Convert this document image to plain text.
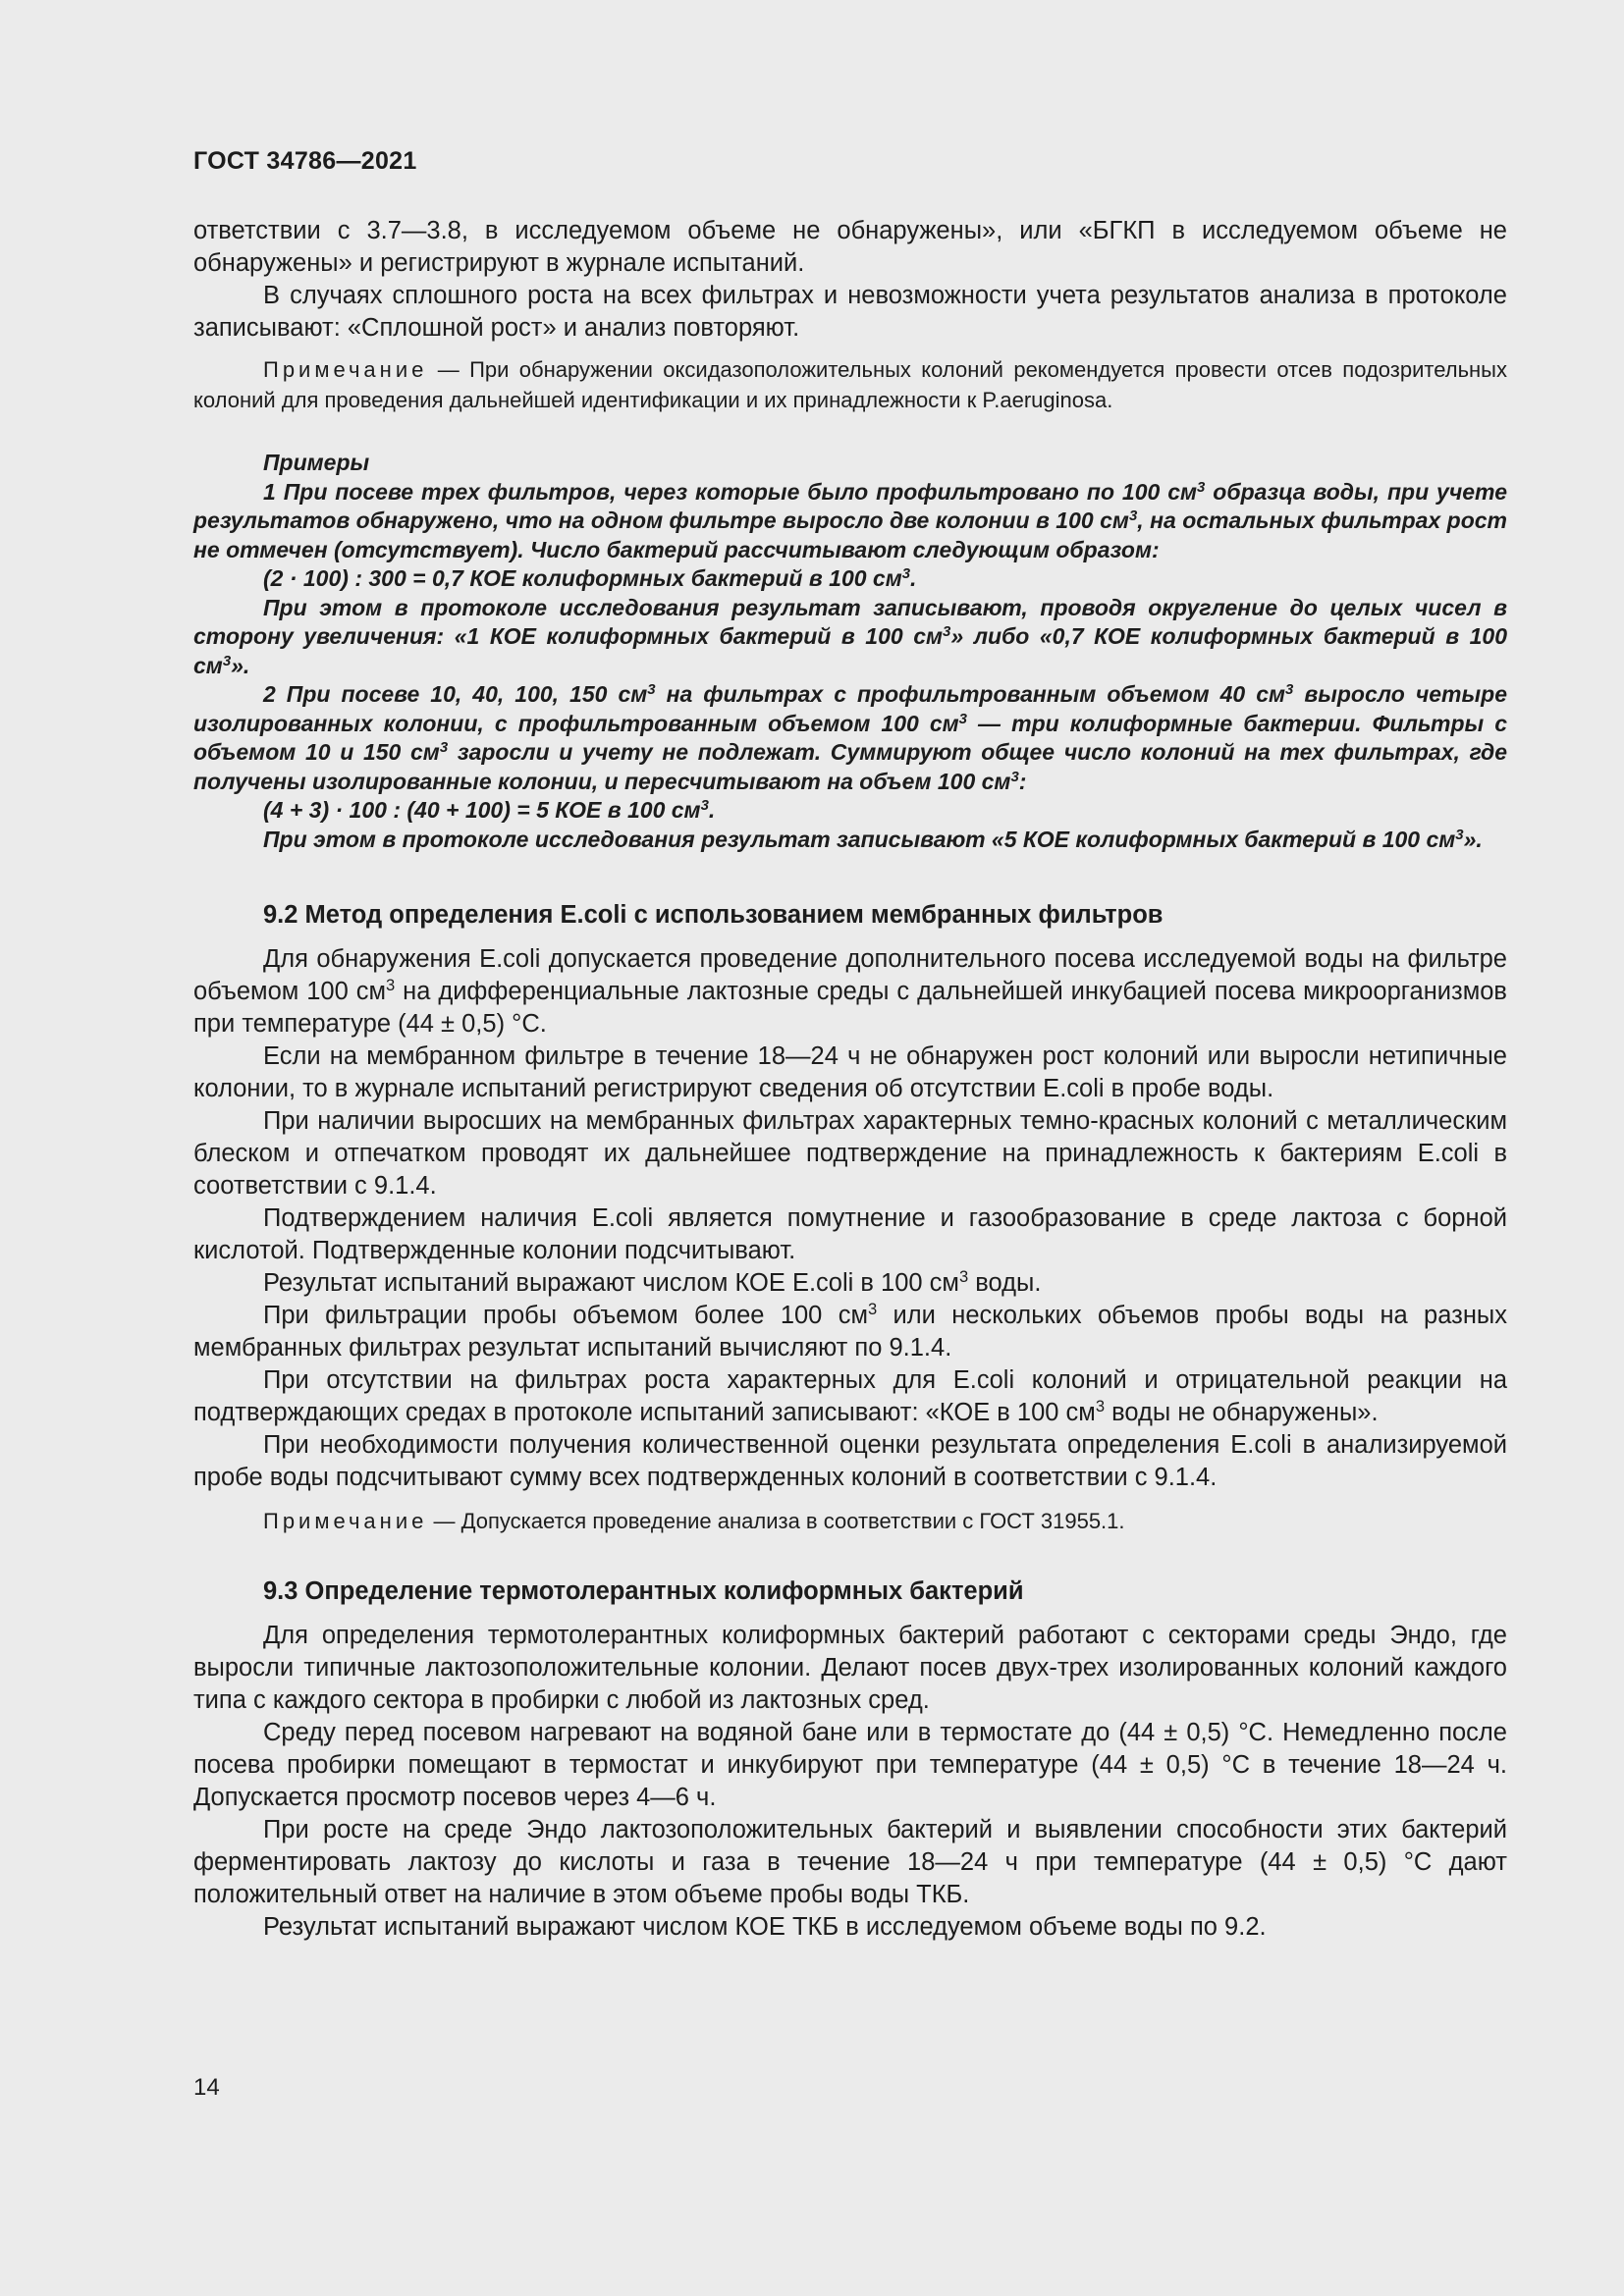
ГОСТ 34786—2021

ответствии с 3.7—3.8, в исследуемом объеме не обнаружены», или «БГКП в исследуемом объеме не обнаружены» и регистрируют в журнале испытаний.

В случаях сплошного роста на всех фильтрах и невозможности учета результатов анализа в протоколе записывают: «Сплошной рост» и анализ повторяют.

Примечание — При обнаружении оксидазоположительных колоний рекомендуется провести отсев подозрительных колоний для проведения дальнейшей идентификации и их принадлежности к P.aeruginosa.

Примеры

1 При посеве трех фильтров, через которые было профильтровано по 100 $см^3$ образца воды, при учете результатов обнаружено, что на одном фильтре выросло две колонии в 100 $см^3$, на остальных фильтрах рост не отмечен (отсутствует). Число бактерий рассчитывают следующим образом:

(2 · 100) : 300 = 0,7 КОЕ колиформных бактерий в 100 $см^3$.

При этом в протоколе исследования результат записывают, проводя округление до целых чисел в сторону увеличения: «1 КОЕ колиформных бактерий в 100 $см^3$» либо «0,7 КОЕ колиформных бактерий в 100 $см^3$».

2 При посеве 10, 40, 100, 150 $см^3$ на фильтрах с профильтрованным объемом 40 $см^3$ выросло четыре изолированных колонии, с профильтрованным объемом 100 $см^3$ — три колиформные бактерии. Фильтры с объемом 10 и 150 $см^3$ заросли и учету не подлежат. Суммируют общее число колоний на тех фильтрах, где получены изолированные колонии, и пересчитывают на объем 100 $см^3$:

(4 + 3) · 100 : (40 + 100) = 5 КОЕ в 100 $см^3$.

При этом в протоколе исследования результат записывают «5 КОЕ колиформных бактерий в 100 $см^3$».

9.2 Метод определения E.coli с использованием мембранных фильтров

Для обнаружения E.coli допускается проведение дополнительного посева исследуемой воды на фильтре объемом 100 $см^3$ на дифференциальные лактозные среды с дальнейшей инкубацией посева микроорганизмов при температуре (44 ± 0,5) °С.

Если на мембранном фильтре в течение 18—24 ч не обнаружен рост колоний или выросли нетипичные колонии, то в журнале испытаний регистрируют сведения об отсутствии E.coli в пробе воды.

При наличии выросших на мембранных фильтрах характерных темно-красных колоний с металлическим блеском и отпечатком проводят их дальнейшее подтверждение на принадлежность к бактериям E.coli в соответствии с 9.1.4.

Подтверждением наличия E.coli является помутнение и газообразование в среде лактоза с борной кислотой. Подтвержденные колонии подсчитывают.

Результат испытаний выражают числом КОЕ E.coli в 100 $см^3$ воды.

При фильтрации пробы объемом более 100 $см^3$ или нескольких объемов пробы воды на разных мембранных фильтрах результат испытаний вычисляют по 9.1.4.

При отсутствии на фильтрах роста характерных для E.coli колоний и отрицательной реакции на подтверждающих средах в протоколе испытаний записывают: «КОЕ в 100 $см^3$ воды не обнаружены».

При необходимости получения количественной оценки результата определения E.coli в анализируемой пробе воды подсчитывают сумму всех подтвержденных колоний в соответствии с 9.1.4.

Примечание — Допускается проведение анализа в соответствии с ГОСТ 31955.1.
9.3 Определение термотолерантных колиформных бактерий

Для определения термотолерантных колиформных бактерий работают с секторами среды Эндо, где выросли типичные лактозоположительные колонии. Делают посев двух-трех изолированных колоний каждого типа с каждого сектора в пробирки с любой из лактозных сред.

Среду перед посевом нагревают на водяной бане или в термостате до (44 ± 0,5) °С. Немедленно после посева пробирки помещают в термостат и инкубируют при температуре (44 ± 0,5) °С в течение 18—24 ч. Допускается просмотр посевов через 4—6 ч.

При росте на среде Эндо лактозоположительных бактерий и выявлении способности этих бактерий ферментировать лактозу до кислоты и газа в течение 18—24 ч при температуре (44 ± 0,5) °С дают положительный ответ на наличие в этом объеме пробы воды ТКБ.

Результат испытаний выражают числом КОЕ ТКБ в исследуемом объеме воды по 9.2.

14
